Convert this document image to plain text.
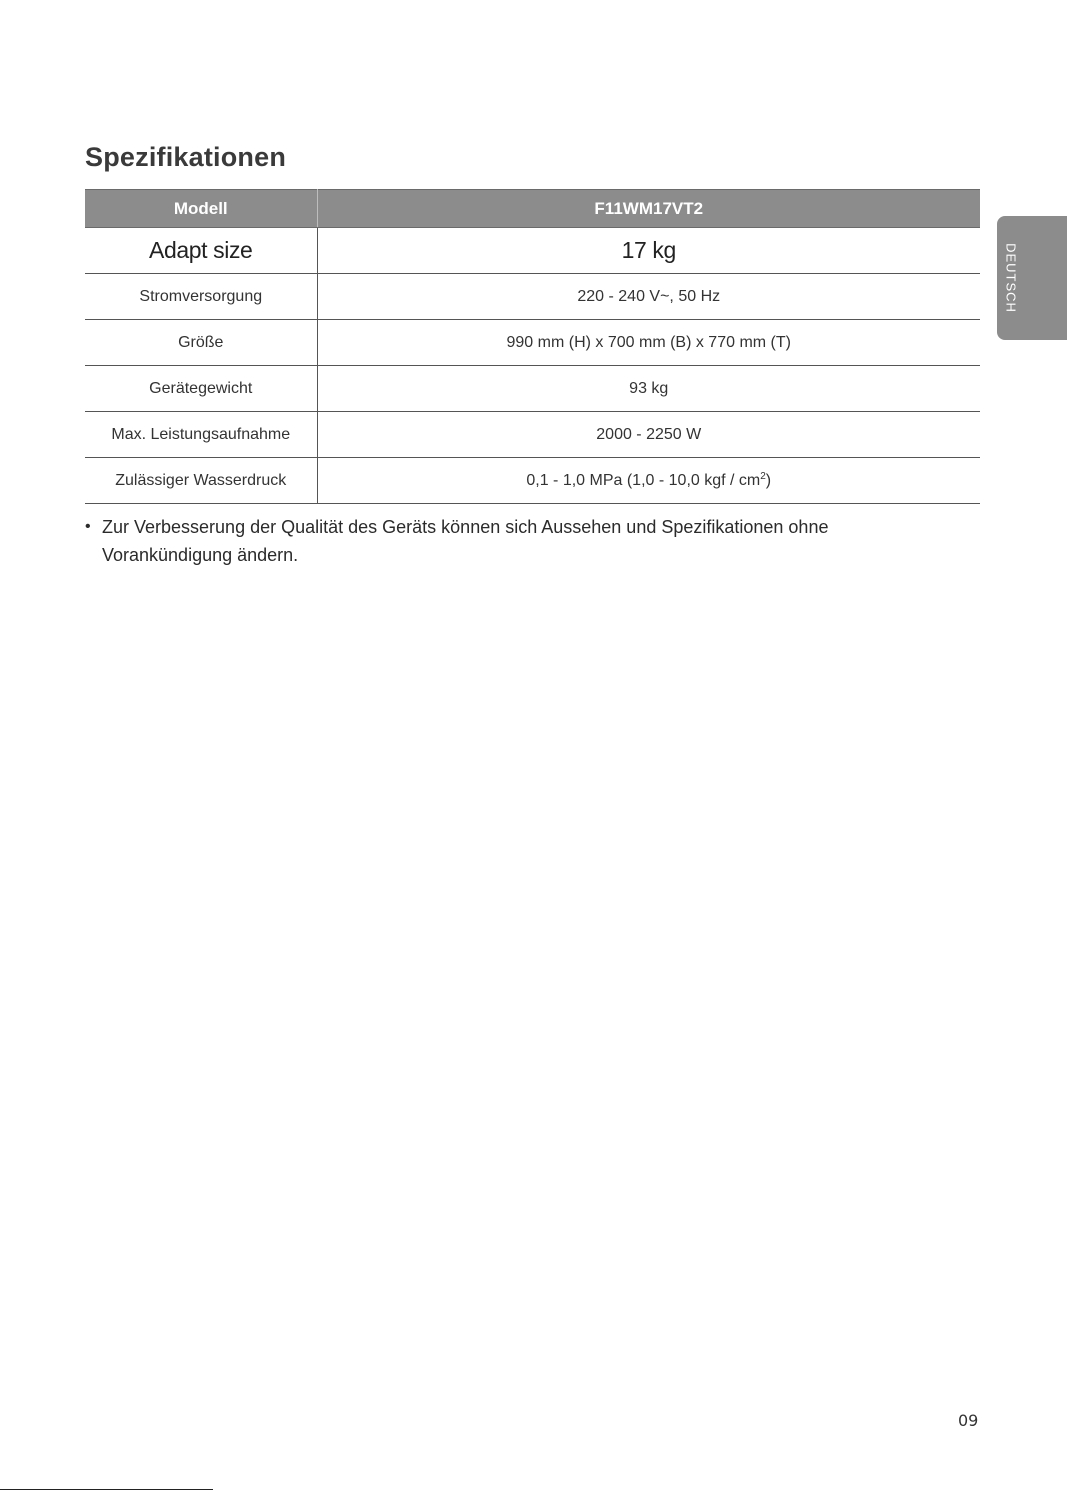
Spezifikationen
Modell	F11WM17VT2
Adapt size	17 kg
Stromversorgung	220 - 240 V~, 50 Hz
Größe	990 mm (H) x 700 mm (B) x 770 mm (T)
Gerätegewicht	93 kg
Max. Leistungsaufnahme	2000 - 2250 W
Zulässiger Wasserdruck	0,1 - 1,0 MPa (1,0 - 10,0 kgf / $cm^2$)
• Zur Verbesserung der Qualität des Geräts können sich Aussehen und Spezifikationen ohne Vorankündigung ändern.
DEUTSCH
09
